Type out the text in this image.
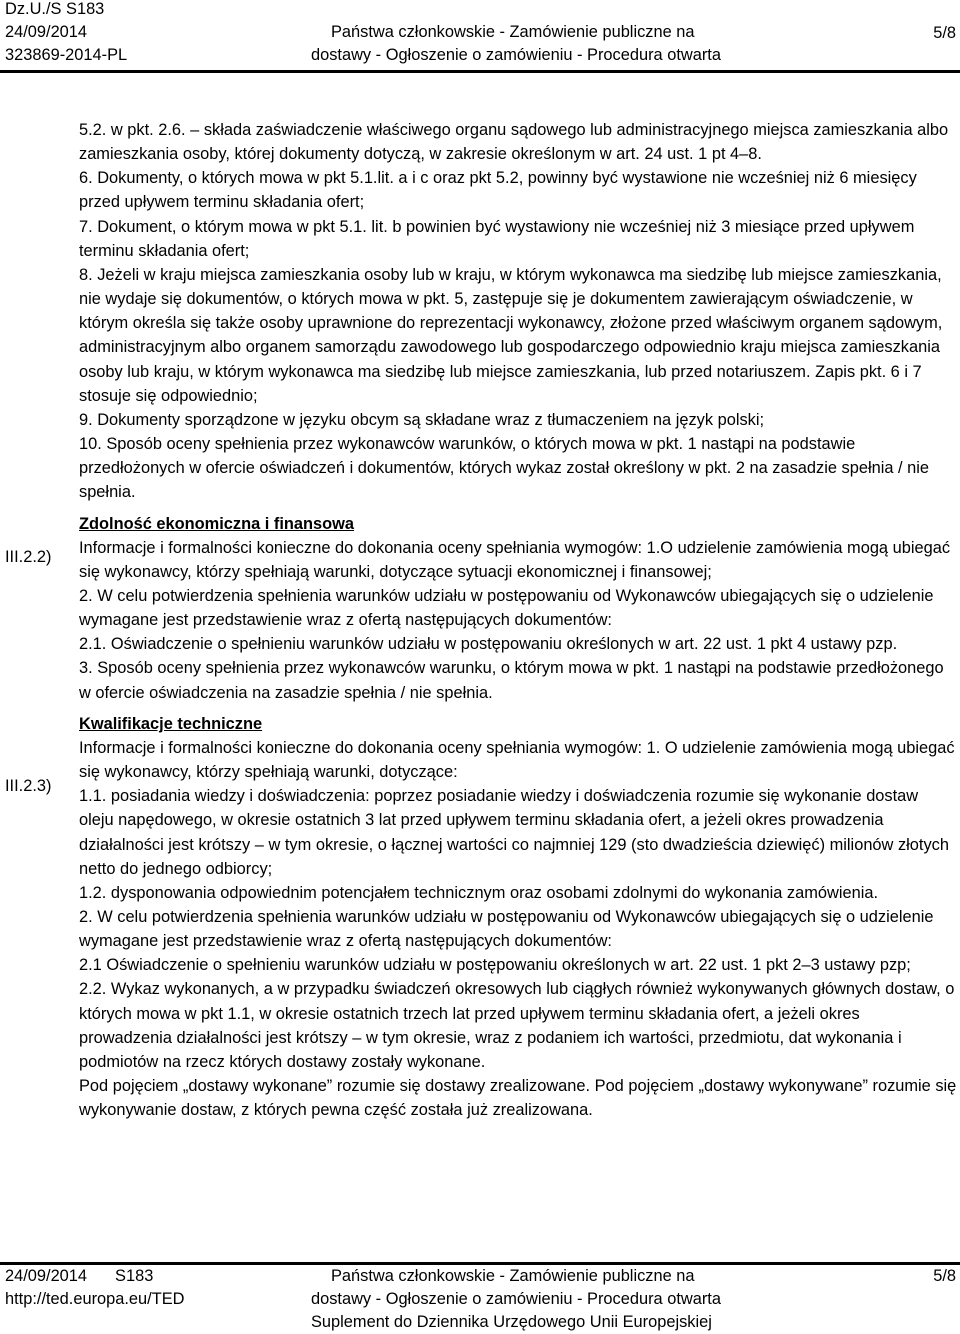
Dz.U./S S183
24/09/2014
323869-2014-PL
Państwa członkowskie - Zamówienie publiczne na
dostawy - Ogłoszenie o zamówieniu - Procedura otwarta
5/8
III.2.2)
III.2.3)

5.2. w pkt. 2.6. – składa zaświadczenie właściwego organu sądowego lub administracyjnego miejsca zamieszkania albo zamieszkania osoby, której dokumenty dotyczą, w zakresie określonym w art. 24 ust. 1 pt 4–8.

6. Dokumenty, o których mowa w pkt 5.1.lit. a i c oraz pkt 5.2, powinny być wystawione nie wcześniej niż 6 miesięcy przed upływem terminu składania ofert;

7. Dokument, o którym mowa w pkt 5.1. lit. b powinien być wystawiony nie wcześniej niż 3 miesiące przed upływem terminu składania ofert;

8. Jeżeli w kraju miejsca zamieszkania osoby lub w kraju, w którym wykonawca ma siedzibę lub miejsce zamieszkania, nie wydaje się dokumentów, o których mowa w pkt. 5, zastępuje się je dokumentem zawierającym oświadczenie, w którym określa się także osoby uprawnione do reprezentacji wykonawcy, złożone przed właściwym organem sądowym, administracyjnym albo organem samorządu zawodowego lub gospodarczego odpowiednio kraju miejsca zamieszkania osoby lub kraju, w którym wykonawca ma siedzibę lub miejsce zamieszkania, lub przed notariuszem. Zapis pkt. 6 i 7 stosuje się odpowiednio;

9. Dokumenty sporządzone w języku obcym są składane wraz z tłumaczeniem na język polski;

10. Sposób oceny spełnienia przez wykonawców warunków, o których mowa w pkt. 1 nastąpi na podstawie przedłożonych w ofercie oświadczeń i dokumentów, których wykaz został określony w pkt. 2 na zasadzie spełnia / nie spełnia.

Zdolność ekonomiczna i finansowa

Informacje i formalności konieczne do dokonania oceny spełniania wymogów: 1.O udzielenie zamówienia mogą ubiegać się wykonawcy, którzy spełniają warunki, dotyczące sytuacji ekonomicznej i finansowej;

2. W celu potwierdzenia spełnienia warunków udziału w postępowaniu od Wykonawców ubiegających się o udzielenie wymagane jest przedstawienie wraz z ofertą następujących dokumentów:

2.1. Oświadczenie o spełnieniu warunków udziału w postępowaniu określonych w art. 22 ust. 1 pkt 4 ustawy pzp.

3. Sposób oceny spełnienia przez wykonawców warunku, o którym mowa w pkt. 1 nastąpi na podstawie przedłożonego w ofercie oświadczenia na zasadzie spełnia / nie spełnia.

Kwalifikacje techniczne

Informacje i formalności konieczne do dokonania oceny spełniania wymogów: 1. O udzielenie zamówienia mogą ubiegać się wykonawcy, którzy spełniają warunki, dotyczące:

1.1. posiadania wiedzy i doświadczenia: poprzez posiadanie wiedzy i doświadczenia rozumie się wykonanie dostaw oleju napędowego, w okresie ostatnich 3 lat przed upływem terminu składania ofert, a jeżeli okres prowadzenia działalności jest krótszy – w tym okresie, o łącznej wartości co najmniej 129 (sto dwadzieścia dziewięć) milionów złotych netto do jednego odbiorcy;

1.2. dysponowania odpowiednim potencjałem technicznym oraz osobami zdolnymi do wykonania zamówienia.

2. W celu potwierdzenia spełnienia warunków udziału w postępowaniu od Wykonawców ubiegających się o udzielenie wymagane jest przedstawienie wraz z ofertą następujących dokumentów:

2.1 Oświadczenie o spełnieniu warunków udziału w postępowaniu określonych w art. 22 ust. 1 pkt 2–3 ustawy pzp;

2.2. Wykaz wykonanych, a w przypadku świadczeń okresowych lub ciągłych również wykonywanych głównych dostaw, o których mowa w pkt 1.1, w okresie ostatnich trzech lat przed upływem terminu składania ofert, a jeżeli okres prowadzenia działalności jest krótszy – w tym okresie, wraz z podaniem ich wartości, przedmiotu, dat wykonania i podmiotów na rzecz których dostawy zostały wykonane.

Pod pojęciem „dostawy wykonane” rozumie się dostawy zrealizowane. Pod pojęciem „dostawy wykonywane” rozumie się wykonywanie dostaw, z których pewna część została już zrealizowana.

24/09/2014 S183
http://ted.europa.eu/TED
Państwa członkowskie - Zamówienie publiczne na
dostawy - Ogłoszenie o zamówieniu - Procedura otwarta
Suplement do Dziennika Urzędowego Unii Europejskiej
5/8
